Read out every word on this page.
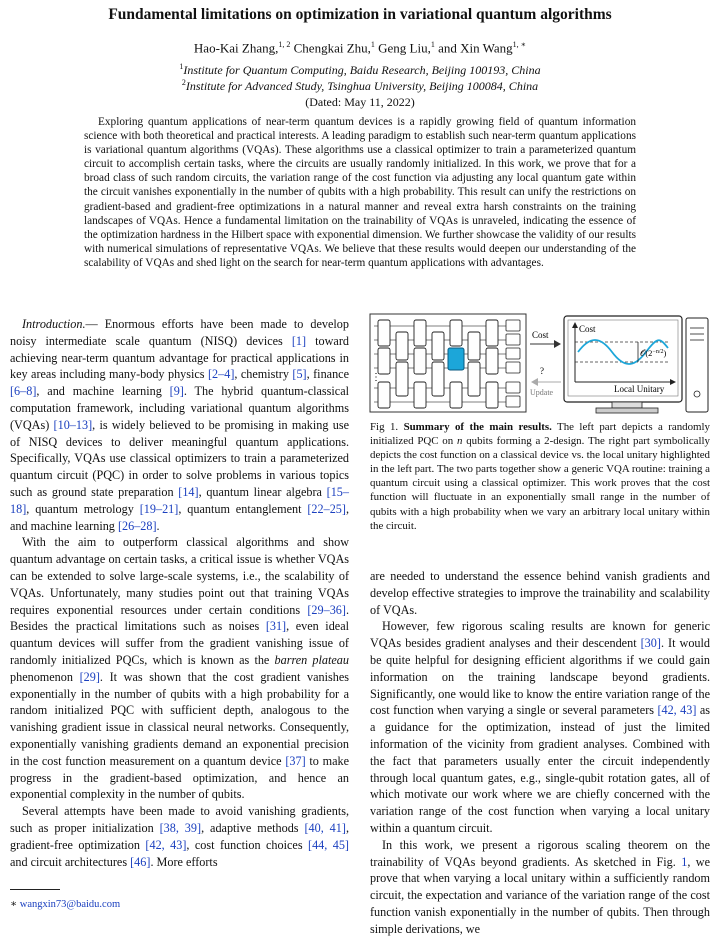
Fundamental limitations on optimization in variational quantum algorithms
Hao-Kai Zhang,$^{1, 2}$ Chengkai Zhu,$^1$ Geng Liu,$^1$ and Xin Wang$^{1, ∗}$
$^1$Institute for Quantum Computing, Baidu Research, Beijing 100193, China
$^2$Institute for Advanced Study, Tsinghua University, Beijing 100084, China
(Dated: May 11, 2022)

Exploring quantum applications of near-term quantum devices is a rapidly growing field of quantum information science with both theoretical and practical interests. A leading paradigm to establish such near-term quantum applications is variational quantum algorithms (VQAs). These algorithms use a classical optimizer to train a parameterized quantum circuit to accomplish certain tasks, where the circuits are usually randomly initialized. In this work, we prove that for a broad class of such random circuits, the variation range of the cost function via adjusting any local quantum gate within the circuit vanishes exponentially in the number of qubits with a high probability. This result can unify the restrictions on gradient-based and gradient-free optimizations in a natural manner and reveal extra harsh constraints on the training landscapes of VQAs. Hence a fundamental limitation on the trainability of VQAs is unraveled, indicating the essence of the optimization hardness in the Hilbert space with exponential dimension. We further showcase the validity of our results with numerical simulations of representative VQAs. We believe that these results would deepen our understanding of the scalability of VQAs and shed light on the search for near-term quantum applications with advantages.

Introduction.— Enormous efforts have been made to develop noisy intermediate scale quantum (NISQ) devices [1] toward achieving near-term quantum advantage for practical applications in key areas including many-body physics [2–4], chemistry [5], finance [6–8], and machine learning [9]. The hybrid quantum-classical computation framework, including variational quantum algorithms (VQAs) [10–13], is widely believed to be promising in making use of NISQ devices to deliver meaningful quantum applications. Specifically, VQAs use classical optimizers to train a parameterized quantum circuit (PQC) in order to solve problems in various topics such as ground state preparation [14], quantum linear algebra [15–18], quantum metrology [19–21], quantum entanglement [22–25], and machine learning [26–28].

With the aim to outperform classical algorithms and show quantum advantage on certain tasks, a critical issue is whether VQAs can be extended to solve large-scale systems, i.e., the scalability of VQAs. Unfortunately, many studies point out that training VQAs requires exponential resources under certain conditions [29–36]. Besides the practical limitations such as noises [31], even ideal quantum devices will suffer from the gradient vanishing issue of randomly initialized PQCs, which is known as the barren plateau phenomenon [29]. It was shown that the cost gradient vanishes exponentially in the number of qubits with a high probability for a random initialized PQC with sufficient depth, analogous to the vanishing gradient issue in classical neural networks. Consequently, exponentially vanishing gradients demand an exponential precision in the cost function measurement on a quantum device [37] to make progress in the gradient-based optimization, and hence an exponential complexity in the number of qubits.

Several attempts have been made to avoid vanishing gradients, such as proper initialization [38, 39], adaptive methods [40, 41], gradient-free optimization [42, 43], cost function choices [44, 45] and circuit architectures [46]. More efforts

⋮
Cost
?
Update
Cost
$𝒪(2^{-n/2})$
Local Unitary
Fig 1. Summary of the main results. The left part depicts a randomly initialized PQC on n qubits forming a 2-design. The right part symbolically depicts the cost function on a classical device vs. the local unitary highlighted in the left part. The two parts together show a generic VQA routine: training a quantum circuit using a classical optimizer. This work proves that the cost function will fluctuate in an exponentially small range in the number of qubits with a high probability when we vary an arbitrary local unitary within the circuit.

are needed to understand the essence behind vanish gradients and develop effective strategies to improve the trainability and scalability of VQAs.

However, few rigorous scaling results are known for generic VQAs besides gradient analyses and their descendent [30]. It would be quite helpful for designing efficient algorithms if we could gain information on the training landscape beyond gradients. Significantly, one would like to know the entire variation range of the cost function when varying a single or several parameters [42, 43] as a guidance for the optimization, instead of just the limited information of the vicinity from gradient analyses. Combined with the fact that parameters usually enter the circuit independently through local quantum gates, e.g., single-qubit rotation gates, all of which motivate our work where we are chiefly concerned with the variation range of the cost function when varying a local unitary within a quantum circuit.

In this work, we present a rigorous scaling theorem on the trainability of VQAs beyond gradients. As sketched in Fig. 1, we prove that when varying a local unitary within a sufficiently random circuit, the expectation and variance of the variation range of the cost function vanish exponentially in the number of qubits. Then through simple derivations, we

∗ wangxin73@baidu.com
